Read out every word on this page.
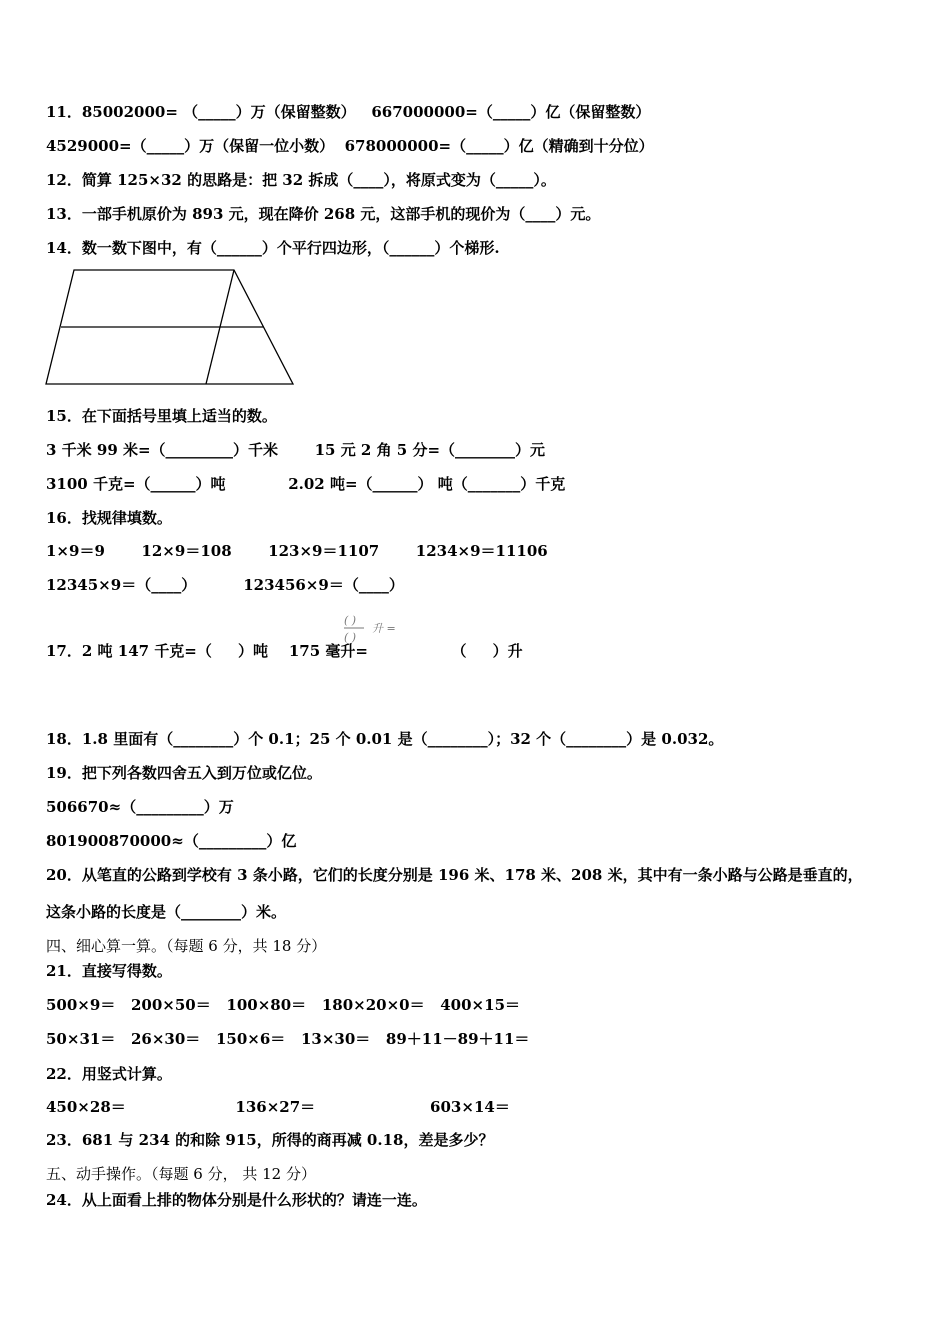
11．85002000= （_____）万（保留整数）   667000000=（_____）亿（保留整数）
4529000=（_____）万（保留一位小数）  678000000=（_____）亿（精确到十分位）
12．简算 125×32 的思路是：把 32 拆成（____），将原式变为（_____）。
13．一部手机原价为 893 元，现在降价 268 元，这部手机的现价为（____）元。
14．数一数下图中，有（______）个平行四边形，（______）个梯形.
15．在下面括号里填上适当的数。
3 千米 99 米=（_________）千米       15 元 2 角 5 分=（________）元
3100 千克=（______）吨            2.02 吨=（______） 吨（_______）千克
16．找规律填数。
1×9＝9       12×9＝108       123×9＝1107       1234×9＝11106
12345×9＝（____）         123456×9＝（____）
( )
( )
升 =
17．2 吨 147 千克=（     ）吨    175 毫升=                （     ）升
18．1.8 里面有（________）个 0.1；25 个 0.01 是（________）；32 个（________）是 0.032。
19．把下列各数四舍五入到万位或亿位。
506670≈（_________）万
801900870000≈（_________）亿
20．从笔直的公路到学校有 3 条小路，它们的长度分别是 196 米、178 米、208 米，其中有一条小路与公路是垂直的，
这条小路的长度是（________）米。
四、细心算一算。（每题 6 分，共 18 分）
21．直接写得数。
500×9＝   200×50＝   100×80＝   180×20×0＝   400×15＝
50×31＝   26×30＝   150×6＝   13×30＝   89＋11－89＋11＝
22．用竖式计算。
450×28＝                     136×27＝                      603×14＝
23．681 与 234 的和除 915，所得的商再减 0.18，差是多少？
五、动手操作。（每题 6 分， 共 12 分）
24．从上面看上排的物体分别是什么形状的？请连一连。
